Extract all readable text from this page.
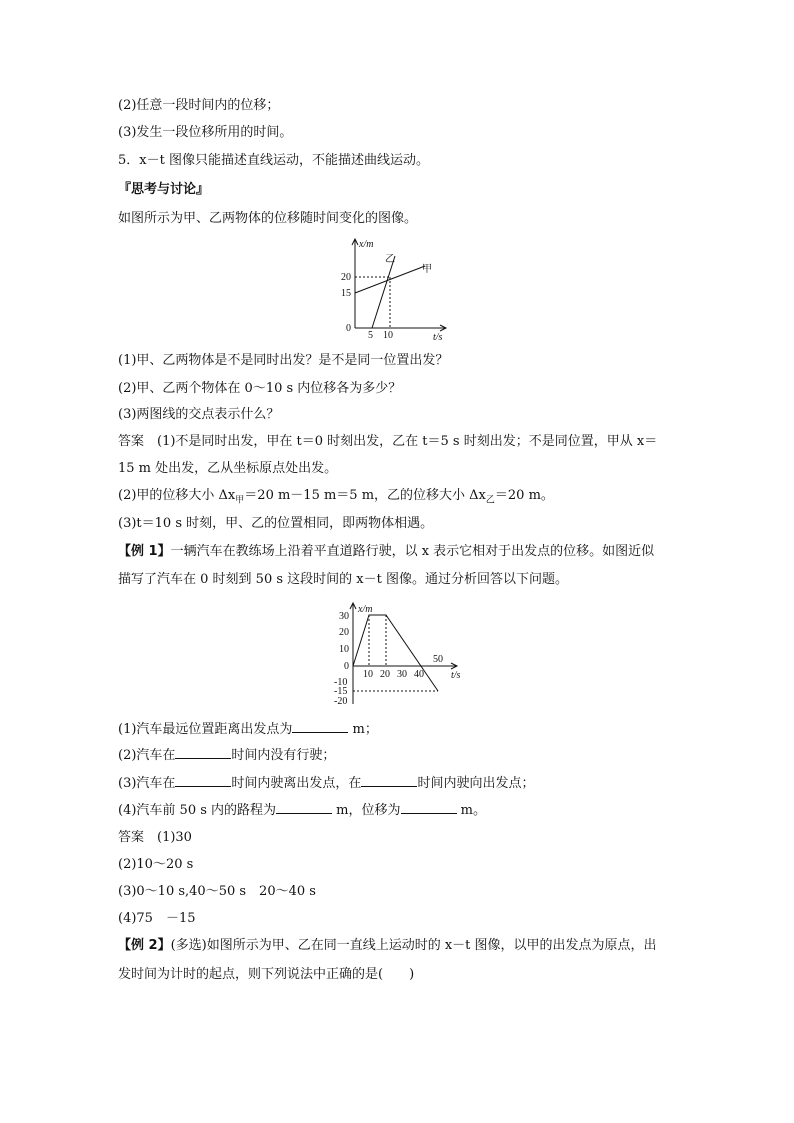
(2)任意一段时间内的位移；
(3)发生一段位移所用的时间。
5．x－t 图像只能描述直线运动，不能描述曲线运动。
『思考与讨论』
如图所示为甲、乙两物体的位移随时间变化的图像。
x/m
t/s
20
15
0
5 10
乙
甲
(1)甲、乙两物体是不是同时出发？是不是同一位置出发？
(2)甲、乙两个物体在 0～10 s 内位移各为多少？
(3)两图线的交点表示什么？
答案　(1)不是同时出发，甲在 t＝0 时刻出发，乙在 t＝5 s 时刻出发；不是同位置，甲从 x＝
15 m 处出发，乙从坐标原点处出发。
(2)甲的位移大小 $\Delta x_甲=20$ m－15 m＝5 m，乙的位移大小 $\Delta x_乙=20$ m。
(3)t＝10 s 时刻，甲、乙的位置相同，即两物体相遇。
【例 1】一辆汽车在教练场上沿着平直道路行驶，以 x 表示它相对于出发点的位移。如图近似
描写了汽车在 0 时刻到 50 s 这段时间的 x－t 图像。通过分析回答以下问题。
x/m
t/s
30
20
10
0
-10
-15
-20
10 20 30 40
50
(1)汽车最远位置距离出发点为	m；
(2)汽车在	时间内没有行驶；
(3)汽车在	时间内驶离出发点，在	时间内驶向出发点；
(4)汽车前 50 s 内的路程为	m，位移为	m。
答案　(1)30
(2)10～20 s
(3)0～10 s,40～50 s　20～40 s
(4)75　－15
【例 2】(多选)如图所示为甲、乙在同一直线上运动时的 x－t 图像，以甲的出发点为原点，出
发时间为计时的起点，则下列说法中正确的是(　　)
